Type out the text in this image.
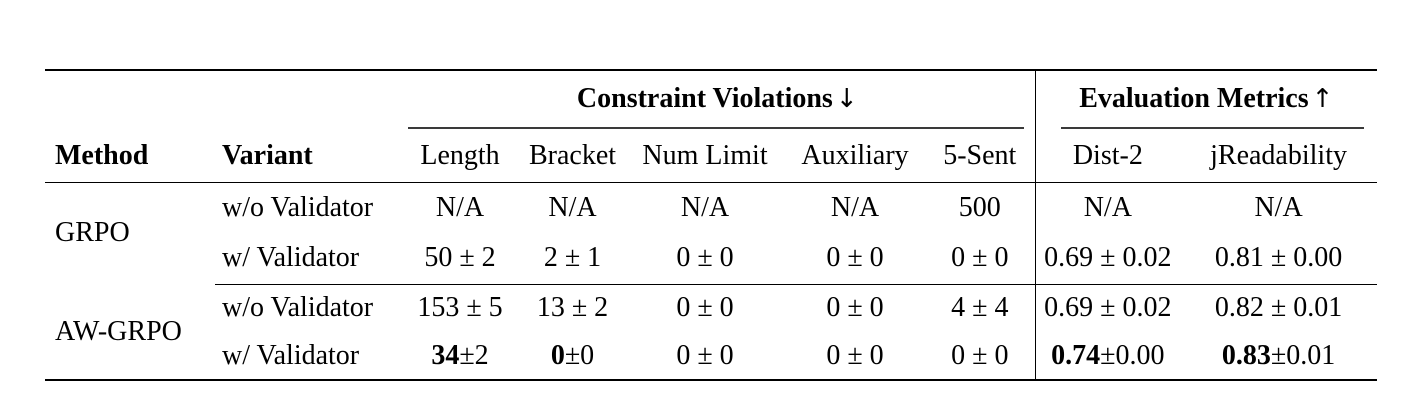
		Constraint Violations ↓					Evaluation Metrics ↑	

Method	Variant	Length	Bracket	Num Limit	Auxiliary	5-Sent	Dist-2	jReadability
GRPO	w/o Validator	N/A	N/A	N/A	N/A	500	N/A	N/A
	w/ Validator	50 ± 2	2 ± 1	0 ± 0	0 ± 0	0 ± 0	0.69 ± 0.02	0.81 ± 0.00
AW-GRPO	w/o Validator	153 ± 5	13 ± 2	0 ± 0	0 ± 0	4 ± 4	0.69 ± 0.02	0.82 ± 0.01
	w/ Validator	34±2	0±0	0 ± 0	0 ± 0	0 ± 0	0.74±0.00	0.83±0.01
